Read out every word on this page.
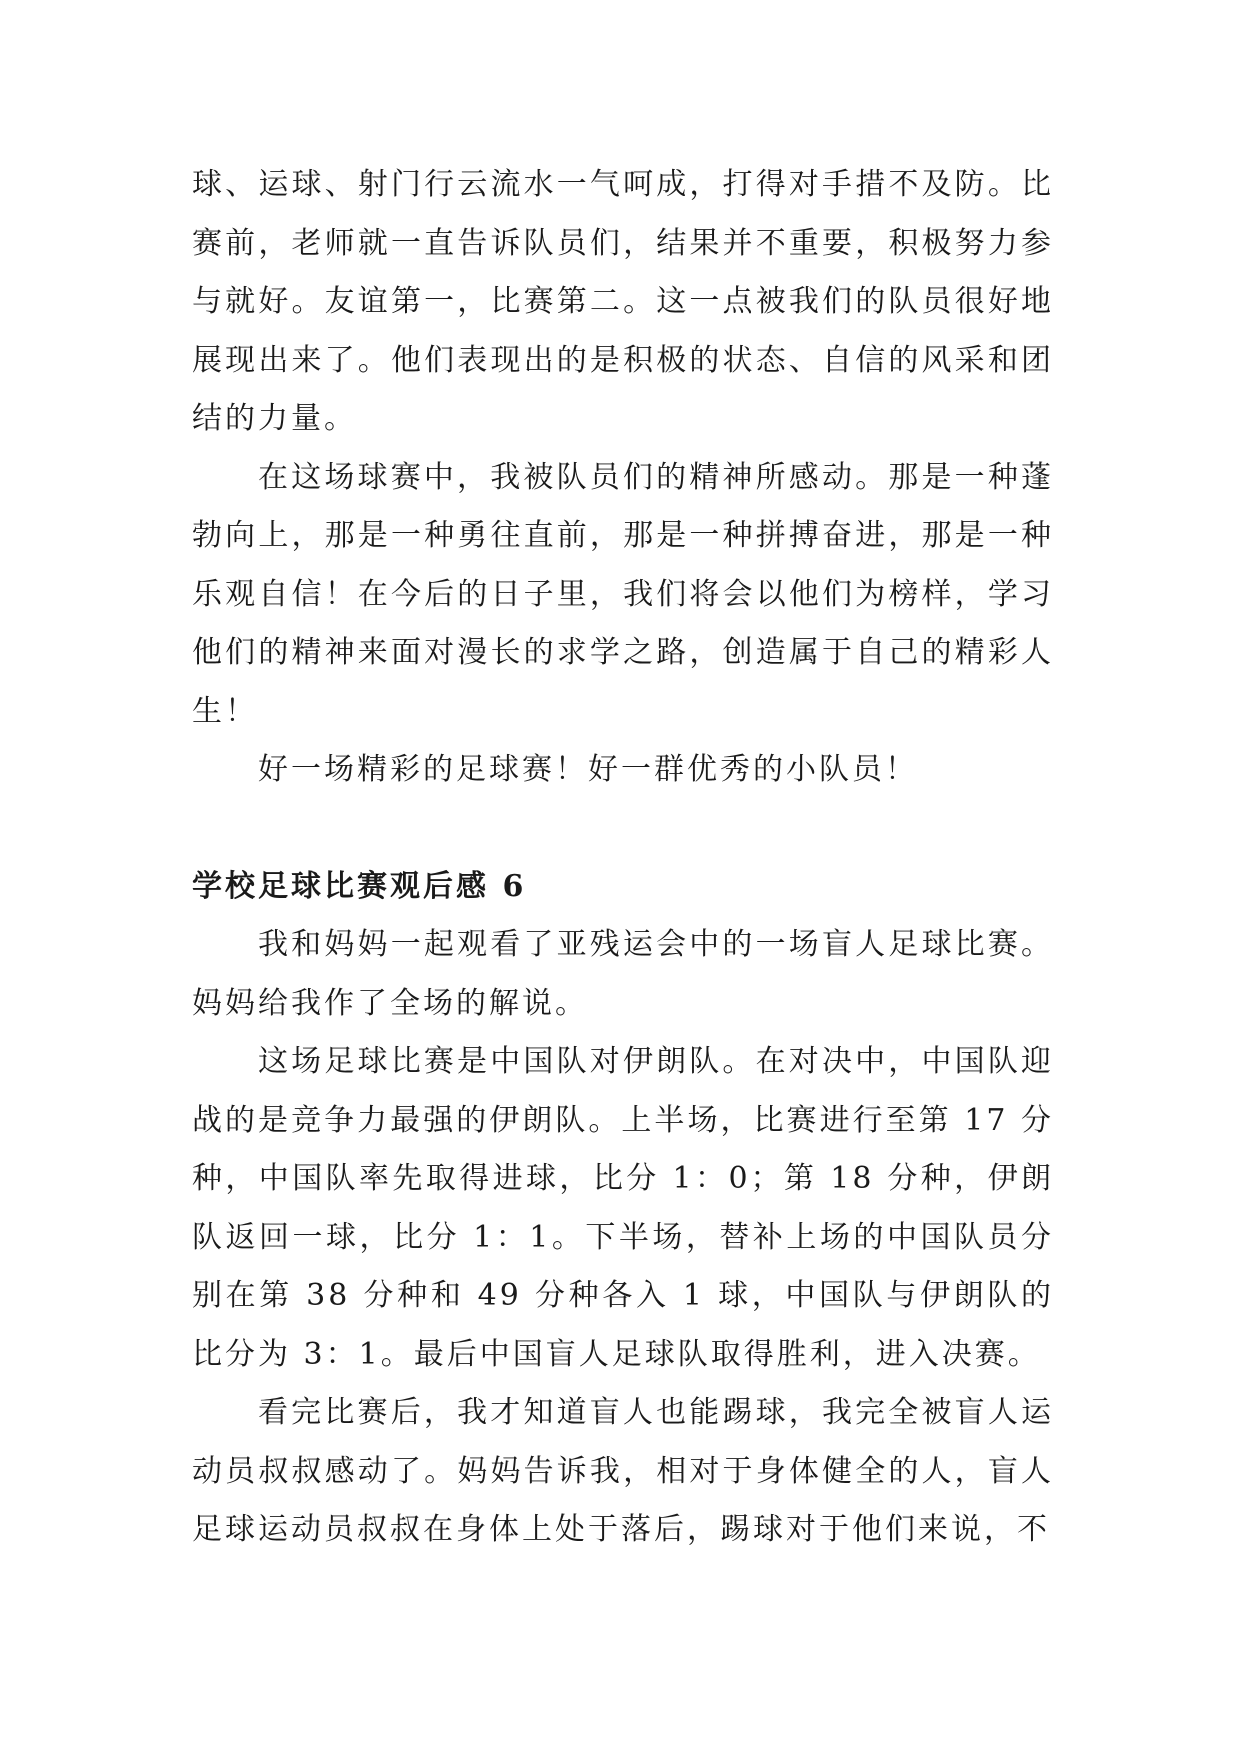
球、运球、射门行云流水一气呵成，打得对手措不及防。比赛前，老师就一直告诉队员们，结果并不重要，积极努力参与就好。友谊第一，比赛第二。这一点被我们的队员很好地展现出来了。他们表现出的是积极的状态、自信的风采和团结的力量。

在这场球赛中，我被队员们的精神所感动。那是一种蓬勃向上，那是一种勇往直前，那是一种拼搏奋进，那是一种乐观自信！在今后的日子里，我们将会以他们为榜样，学习他们的精神来面对漫长的求学之路，创造属于自己的精彩人生！

好一场精彩的足球赛！好一群优秀的小队员！

学校足球比赛观后感 6

我和妈妈一起观看了亚残运会中的一场盲人足球比赛。妈妈给我作了全场的解说。

这场足球比赛是中国队对伊朗队。在对决中，中国队迎战的是竞争力最强的伊朗队。上半场，比赛进行至第 17 分种，中国队率先取得进球，比分 1：0；第 18 分种，伊朗队返回一球，比分 1：1。下半场，替补上场的中国队员分别在第 38 分种和 49 分种各入 1 球，中国队与伊朗队的比分为 3：1。最后中国盲人足球队取得胜利，进入决赛。

看完比赛后，我才知道盲人也能踢球，我完全被盲人运动员叔叔感动了。妈妈告诉我，相对于身体健全的人，盲人足球运动员叔叔在身体上处于落后，踢球对于他们来说，不
